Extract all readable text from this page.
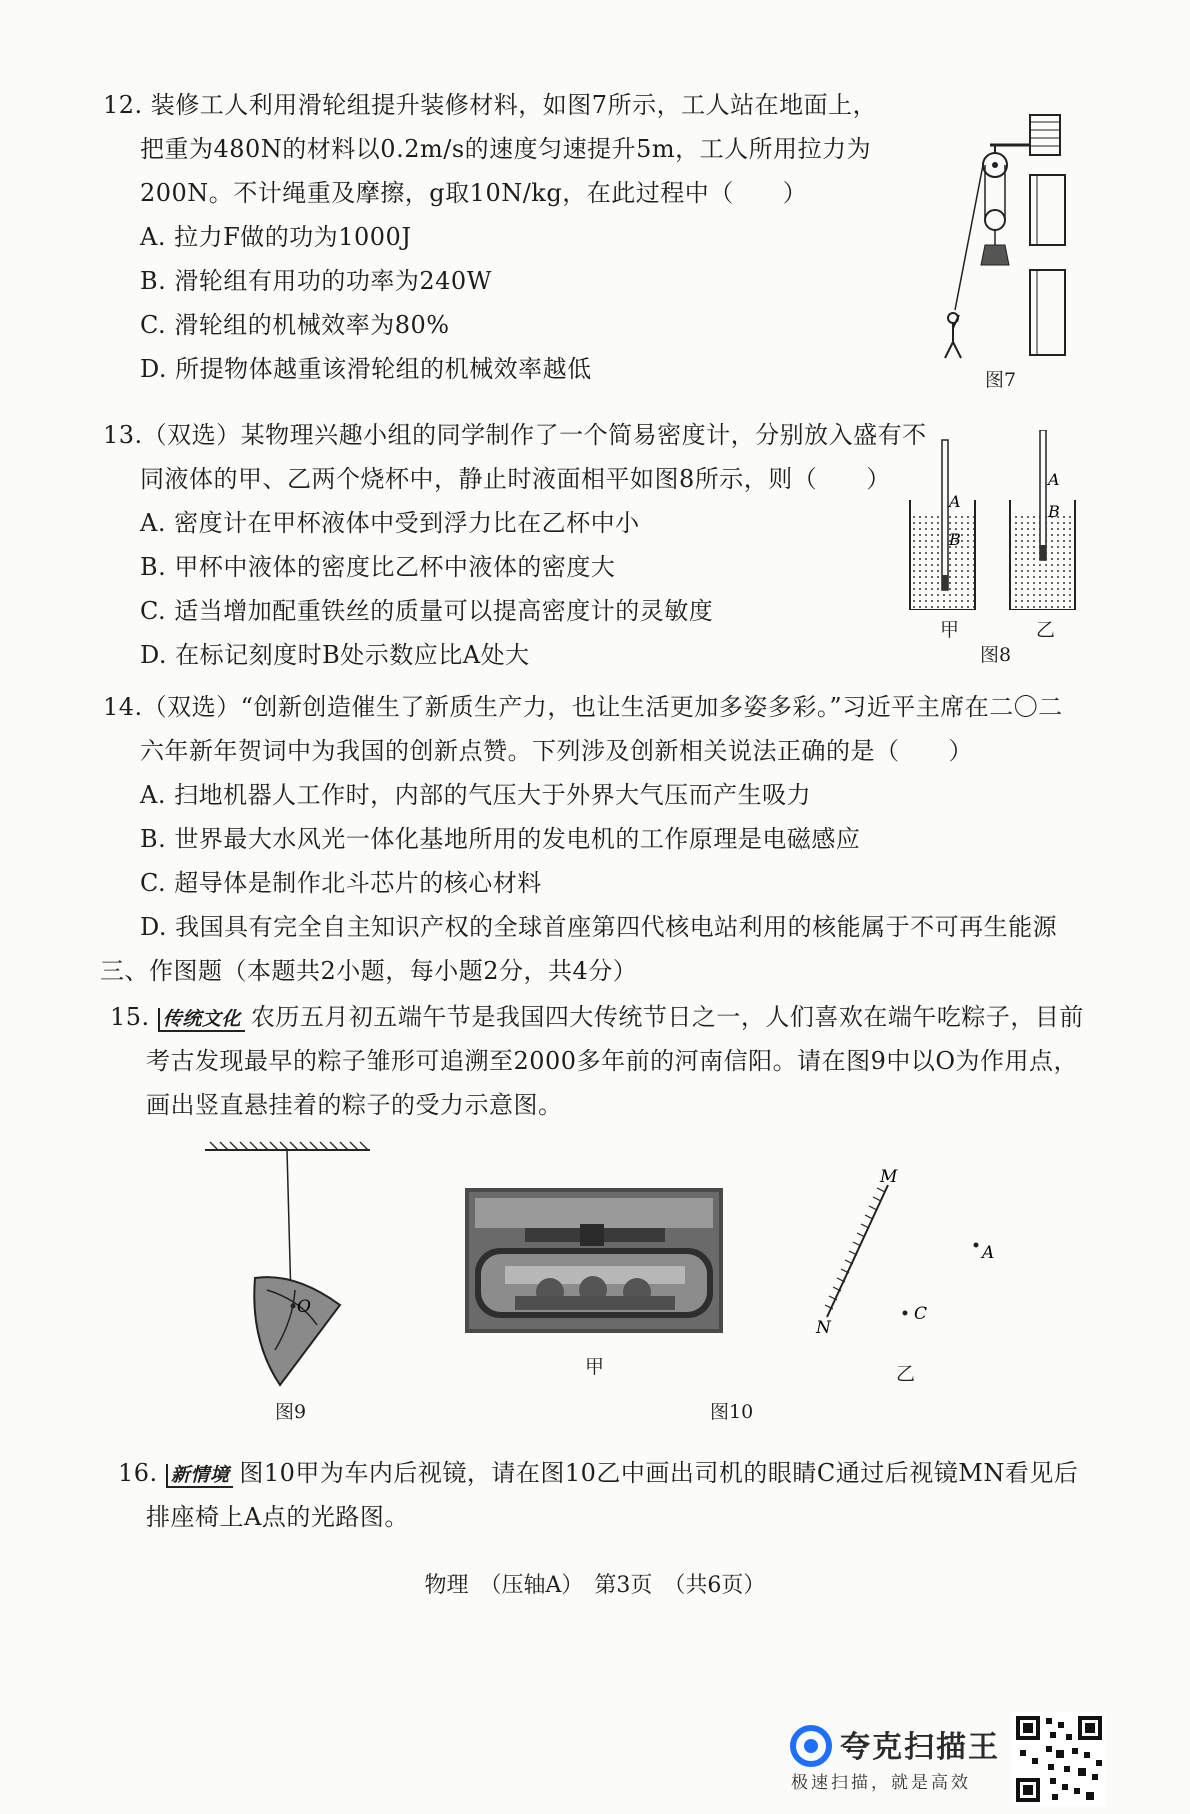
12. 装修工人利用滑轮组提升装修材料，如图7所示，工人站在地面上，
把重为480N的材料以0.2m/s的速度匀速提升5m，工人所用拉力为
200N。不计绳重及摩擦，g取10N/kg，在此过程中（　　）
A. 拉力F做的功为1000J
B. 滑轮组有用功的功率为240W
C. 滑轮组的机械效率为80%
D. 所提物体越重该滑轮组的机械效率越低	图7
13.（双选）某物理兴趣小组的同学制作了一个简易密度计，分别放入盛有不
同液体的甲、乙两个烧杯中，静止时液面相平如图8所示，则（　　）
A. 密度计在甲杯液体中受到浮力比在乙杯中小
B. 甲杯中液体的密度比乙杯中液体的密度大
C. 适当增加配重铁丝的质量可以提高密度计的灵敏度
D. 在标记刻度时B处示数应比A处大
A
B
A
B
甲	乙
图8
14.（双选）“创新创造催生了新质生产力，也让生活更加多姿多彩。”习近平主席在二〇二
六年新年贺词中为我国的创新点赞。下列涉及创新相关说法正确的是（　　）
A. 扫地机器人工作时，内部的气压大于外界大气压而产生吸力
B. 世界最大水风光一体化基地所用的发电机的工作原理是电磁感应
C. 超导体是制作北斗芯片的核心材料
D. 我国具有完全自主知识产权的全球首座第四代核电站利用的核能属于不可再生能源
三、作图题（本题共2小题，每小题2分，共4分）
15. 传统文化 农历五月初五端午节是我国四大传统节日之一，人们喜欢在端午吃粽子，目前
考古发现最早的粽子雏形可追溯至2000多年前的河南信阳。请在图9中以O为作用点，
画出竖直悬挂着的粽子的受力示意图。
O
图9
甲
M
N
A
C
乙
图10
16. 新情境 图10甲为车内后视镜，请在图10乙中画出司机的眼睛C通过后视镜MN看见后
排座椅上A点的光路图。
物理　（压轴A）　第3页　（共6页）
夸克扫描王
极速扫描，就是高效
